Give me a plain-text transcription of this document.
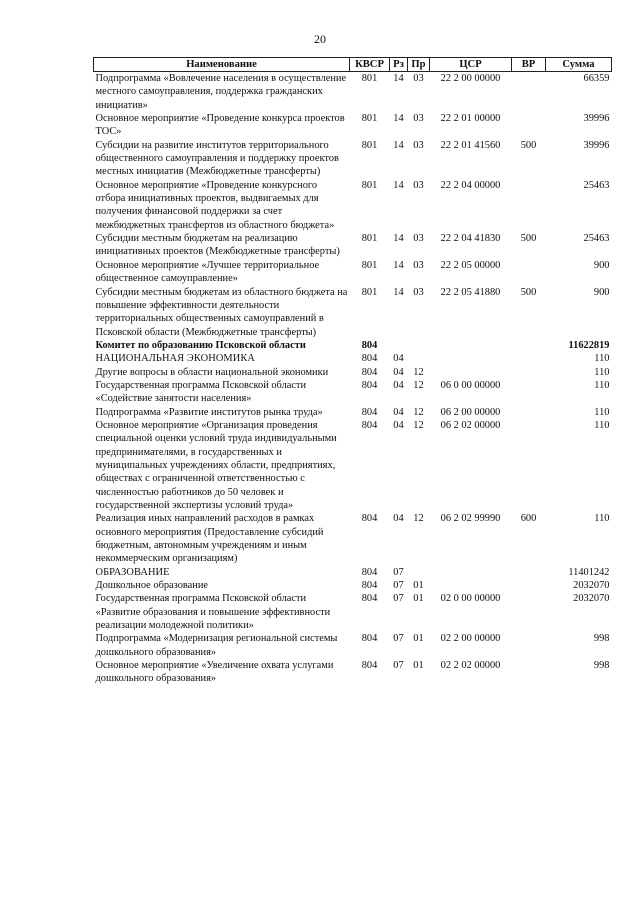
20
Наименование	КВСР	Рз	Пр	ЦСР	ВР	Сумма
Подпрограмма «Вовлечение населения в осуществление местного самоуправления, поддержка гражданских инициатив»	801	14	03	22 2 00 00000		66359
Основное мероприятие «Проведение конкурса проектов ТОС»	801	14	03	22 2 01 00000		39996
Субсидии на развитие институтов территориального общественного самоуправления и поддержку проектов местных инициатив (Межбюджетные трансферты)	801	14	03	22 2 01 41560	500	39996
Основное мероприятие «Проведение конкурсного отбора инициативных проектов, выдвигаемых для получения финансовой поддержки за счет межбюджетных трансфертов из областного бюджета»	801	14	03	22 2 04 00000		25463
Субсидии местным бюджетам на реализацию инициативных проектов (Межбюджетные трансферты)	801	14	03	22 2 04 41830	500	25463
Основное мероприятие «Лучшее территориальное общественное самоуправление»	801	14	03	22 2 05 00000		900
Субсидии местным бюджетам из областного бюджета на повышение эффективности деятельности территориальных общественных самоуправлений в Псковской области (Межбюджетные трансферты)	801	14	03	22 2 05 41880	500	900
Комитет по образованию Псковской области	804					11622819
НАЦИОНАЛЬНАЯ ЭКОНОМИКА	804	04				110
Другие вопросы в области национальной экономики	804	04	12			110
Государственная программа Псковской области «Содействие занятости населения»	804	04	12	06 0 00 00000		110
Подпрограмма «Развитие институтов рынка труда»	804	04	12	06 2 00 00000		110
Основное мероприятие «Организация проведения специальной оценки условий труда индивидуальными предпринимателями, в государственных и муниципальных учреждениях области, предприятиях, обществах с ограниченной ответственностью с численностью работников до 50 человек и государственной экспертизы условий труда»	804	04	12	06 2 02 00000		110
Реализация иных направлений расходов в рамках основного мероприятия (Предоставление субсидий бюджетным, автономным учреждениям и иным некоммерческим организациям)	804	04	12	06 2 02 99990	600	110
ОБРАЗОВАНИЕ	804	07				11401242
Дошкольное образование	804	07	01			2032070
Государственная программа Псковской области «Развитие образования и повышение эффективности реализации молодежной политики»	804	07	01	02 0 00 00000		2032070
Подпрограмма «Модернизация региональной системы дошкольного образования»	804	07	01	02 2 00 00000		998
Основное мероприятие «Увеличение охвата услугами дошкольного образования»	804	07	01	02 2 02 00000		998
